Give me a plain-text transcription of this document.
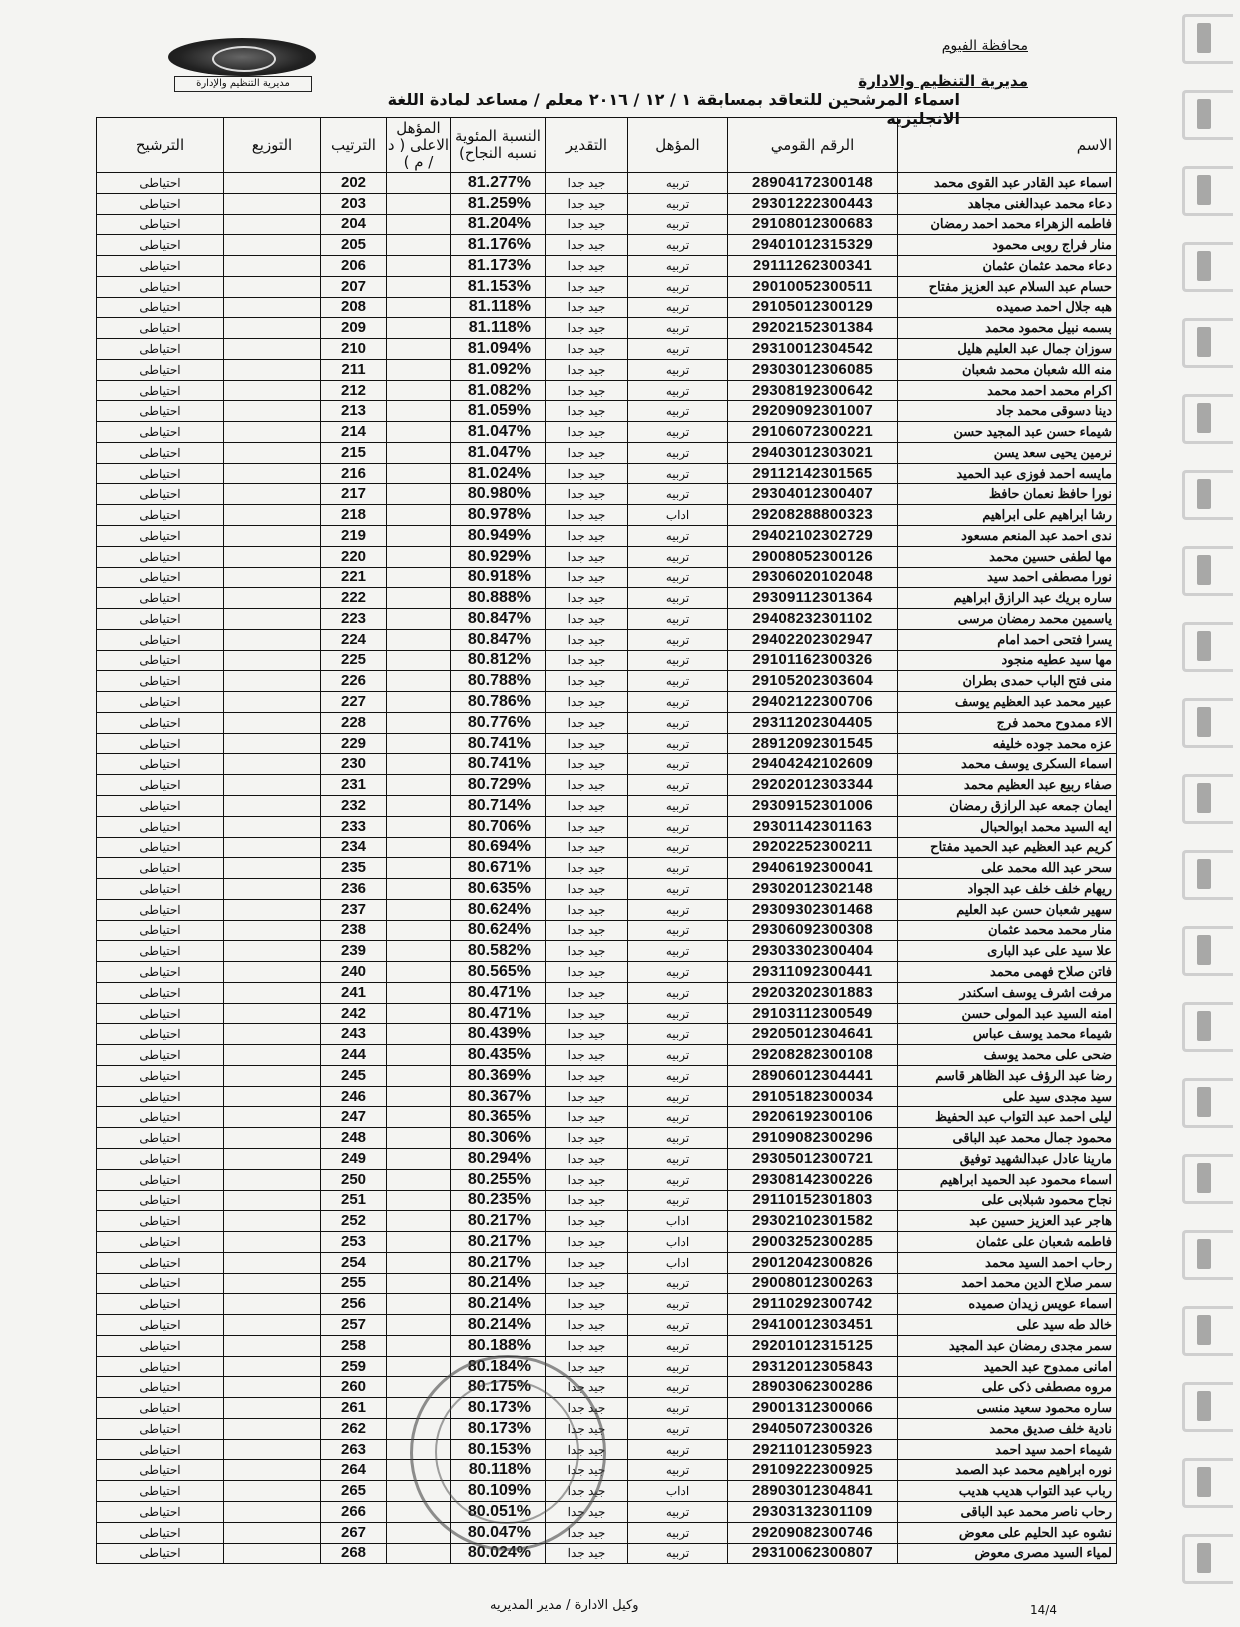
مديرية التنظيم والإدارة
محافظة الفيوم
مديرية التنظيم والادارة
اسماء المرشحين للتعاقد بمسابقة ١ / ١٢ / ٢٠١٦ معلم / مساعد لمادة اللغة الانجليزيه
الاسم	الرقم القومي	المؤهل	التقدير	النسبة المئوية نسبه النجاح)	المؤهل الاعلى ( د / م )	الترتيب	التوزيع	الترشيح
اسماء عبد القادر عبد القوى محمد	28904172300148	تربيه	جيد جدا	81.277%		202		احتياطى
دعاء محمد عبدالغنى مجاهد	29301222300443	تربيه	جيد جدا	81.259%		203		احتياطى
فاطمه الزهراء محمد احمد رمضان	29108012300683	تربيه	جيد جدا	81.204%		204		احتياطى
منار فراج روبى محمود	29401012315329	تربيه	جيد جدا	81.176%		205		احتياطى
دعاء محمد عثمان عثمان	29111262300341	تربيه	جيد جدا	81.173%		206		احتياطى
حسام عبد السلام عبد العزيز مفتاح	29010052300511	تربيه	جيد جدا	81.153%		207		احتياطى
هبه جلال احمد صميده	29105012300129	تربيه	جيد جدا	81.118%		208		احتياطى
بسمه نبيل محمود محمد	29202152301384	تربيه	جيد جدا	81.118%		209		احتياطى
سوزان جمال عبد العليم هليل	29310012304542	تربيه	جيد جدا	81.094%		210		احتياطى
منه الله شعبان محمد شعبان	29303012306085	تربيه	جيد جدا	81.092%		211		احتياطى
اكرام محمد احمد محمد	29308192300642	تربيه	جيد جدا	81.082%		212		احتياطى
دينا دسوقى محمد جاد	29209092301007	تربيه	جيد جدا	81.059%		213		احتياطى
شيماء حسن عبد المجيد حسن	29106072300221	تربيه	جيد جدا	81.047%		214		احتياطى
نرمين يحيى سعد يسن	29403012303021	تربيه	جيد جدا	81.047%		215		احتياطى
مايسه احمد فوزى عبد الحميد	29112142301565	تربيه	جيد جدا	81.024%		216		احتياطى
نورا حافظ نعمان حافظ	29304012300407	تربيه	جيد جدا	80.980%		217		احتياطى
رشا ابراهيم على ابراهيم	29208288800323	اداب	جيد جدا	80.978%		218		احتياطى
ندى احمد عبد المنعم مسعود	29402102302729	تربيه	جيد جدا	80.949%		219		احتياطى
مها لطفى حسين محمد	29008052300126	تربيه	جيد جدا	80.929%		220		احتياطى
نورا مصطفى احمد سيد	29306020102048	تربيه	جيد جدا	80.918%		221		احتياطى
ساره بريك عبد الرازق ابراهيم	29309112301364	تربيه	جيد جدا	80.888%		222		احتياطى
ياسمين محمد رمضان مرسى	29408232301102	تربيه	جيد جدا	80.847%		223		احتياطى
يسرا فتحى احمد امام	29402202302947	تربيه	جيد جدا	80.847%		224		احتياطى
مها سيد عطيه منجود	29101162300326	تربيه	جيد جدا	80.812%		225		احتياطى
منى فتح الباب حمدى بطران	29105202303604	تربيه	جيد جدا	80.788%		226		احتياطى
عبير محمد عبد العظيم يوسف	29402122300706	تربيه	جيد جدا	80.786%		227		احتياطى
الاء ممدوح محمد فرج	29311202304405	تربيه	جيد جدا	80.776%		228		احتياطى
عزه محمد جوده خليفه	28912092301545	تربيه	جيد جدا	80.741%		229		احتياطى
اسماء السكرى يوسف محمد	29404242102609	تربيه	جيد جدا	80.741%		230		احتياطى
صفاء ربيع عبد العظيم محمد	29202012303344	تربيه	جيد جدا	80.729%		231		احتياطى
ايمان جمعه عبد الرازق رمضان	29309152301006	تربيه	جيد جدا	80.714%		232		احتياطى
ايه السيد محمد ابوالحبال	29301142301163	تربيه	جيد جدا	80.706%		233		احتياطى
كريم عبد العظيم عبد الحميد مفتاح	29202252300211	تربيه	جيد جدا	80.694%		234		احتياطى
سحر عبد الله محمد على	29406192300041	تربيه	جيد جدا	80.671%		235		احتياطى
ريهام خلف خلف عبد الجواد	29302012302148	تربيه	جيد جدا	80.635%		236		احتياطى
سهير شعبان حسن عبد العليم	29309302301468	تربيه	جيد جدا	80.624%		237		احتياطى
منار محمد محمد عثمان	29306092300308	تربيه	جيد جدا	80.624%		238		احتياطى
علا سيد على عبد البارى	29303302300404	تربيه	جيد جدا	80.582%		239		احتياطى
فاتن صلاح فهمى محمد	29311092300441	تربيه	جيد جدا	80.565%		240		احتياطى
مرفت اشرف يوسف اسكندر	29203202301883	تربيه	جيد جدا	80.471%		241		احتياطى
امنه السيد عبد المولى حسن	29103112300549	تربيه	جيد جدا	80.471%		242		احتياطى
شيماء محمد يوسف عباس	29205012304641	تربيه	جيد جدا	80.439%		243		احتياطى
ضحى على محمد يوسف	29208282300108	تربيه	جيد جدا	80.435%		244		احتياطى
رضا عبد الرؤف عبد الظاهر قاسم	28906012304441	تربيه	جيد جدا	80.369%		245		احتياطى
سيد مجدى سيد على	29105182300034	تربيه	جيد جدا	80.367%		246		احتياطى
ليلى احمد عبد التواب عبد الحفيظ	29206192300106	تربيه	جيد جدا	80.365%		247		احتياطى
محمود جمال محمد عبد الباقى	29109082300296	تربيه	جيد جدا	80.306%		248		احتياطى
مارينا عادل عبدالشهيد توفيق	29305012300721	تربيه	جيد جدا	80.294%		249		احتياطى
اسماء محمود عبد الحميد ابراهيم	29308142300226	تربيه	جيد جدا	80.255%		250		احتياطى
نجاح محمود شبلابى على	29110152301803	تربيه	جيد جدا	80.235%		251		احتياطى
هاجر عبد العزيز حسين عبد	29302102301582	اداب	جيد جدا	80.217%		252		احتياطى
فاطمه شعبان على عثمان	29003252300285	اداب	جيد جدا	80.217%		253		احتياطى
رحاب احمد السيد محمد	29012042300826	اداب	جيد جدا	80.217%		254		احتياطى
سمر صلاح الدين محمد احمد	29008012300263	تربيه	جيد جدا	80.214%		255		احتياطى
اسماء عويس زيدان صميده	29110292300742	تربيه	جيد جدا	80.214%		256		احتياطى
خالد طه سيد على	29410012303451	تربيه	جيد جدا	80.214%		257		احتياطى
سمر مجدى رمضان عبد المجيد	29201012315125	تربيه	جيد جدا	80.188%		258		احتياطى
امانى ممدوح عبد الحميد	29312012305843	تربيه	جيد جدا	80.184%		259		احتياطى
مروه مصطفى ذكى على	28903062300286	تربيه	جيد جدا	80.175%		260		احتياطى
ساره محمود سعيد منسى	29001312300066	تربيه	جيد جدا	80.173%		261		احتياطى
نادية خلف صديق محمد	29405072300326	تربيه	جيد جدا	80.173%		262		احتياطى
شيماء احمد سيد احمد	29211012305923	تربيه	جيد جدا	80.153%		263		احتياطى
نوره ابراهيم محمد عبد الصمد	29109222300925	تربيه	جيد جدا	80.118%		264		احتياطى
رباب عبد التواب هديب هديب	28903012304841	اداب	جيد جدا	80.109%		265		احتياطى
رحاب ناصر محمد عبد الباقى	29303132301109	تربيه	جيد جدا	80.051%		266		احتياطى
نشوه عبد الحليم على معوض	29209082300746	تربيه	جيد جدا	80.047%		267		احتياطى
لمياء السيد مصرى معوض	29310062300807	تربيه	جيد جدا	80.024%		268		احتياطى
وكيل الادارة / مدير المديريه	14/4
